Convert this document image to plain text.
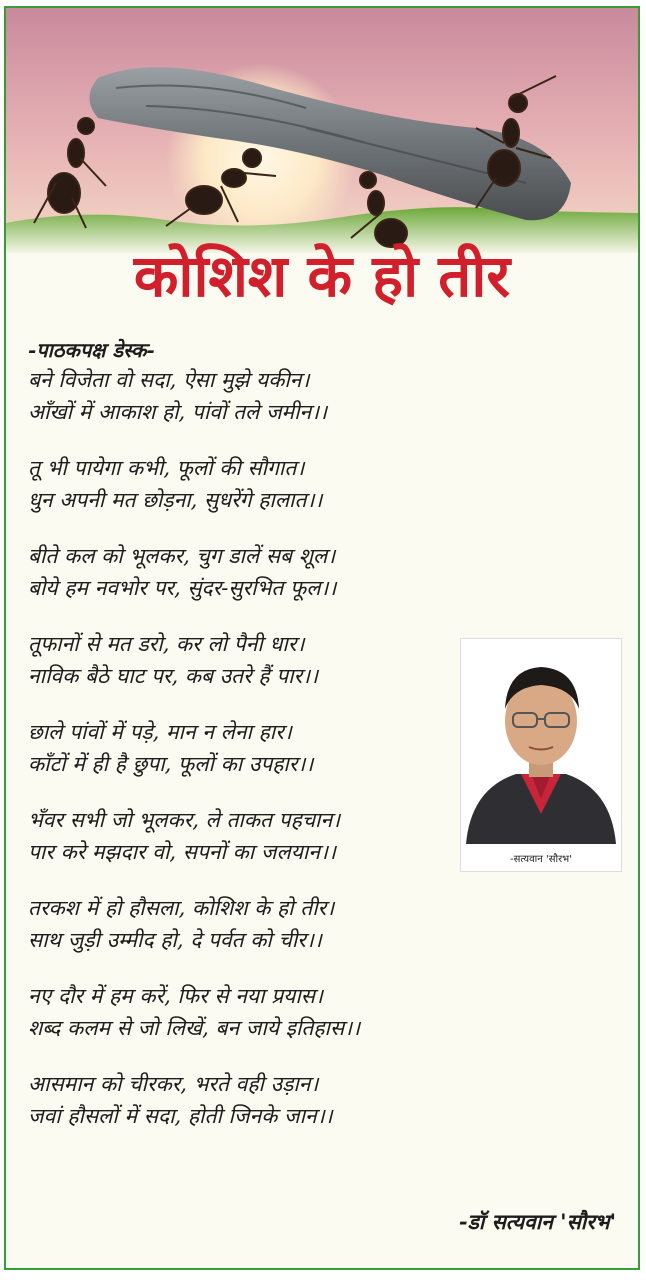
कोशिश के हो तीर
-पाठकपक्ष डेस्क-
बने विजेता वो सदा, ऐसा मुझे यकीन।
आँखों में आकाश हो, पांवों तले जमीन।।
तू भी पायेगा कभी, फूलों की सौगात।
धुन अपनी मत छोड़ना, सुधरेंगे हालात।।
बीते कल को भूलकर, चुग डालें सब शूल।
बोये हम नवभोर पर, सुंदर-सुरभित फूल।।
तूफानों से मत डरो, कर लो पैनी धार।
नाविक बैठे घाट पर, कब उतरे हैं पार।।
छाले पांवों में पड़े, मान न लेना हार।
काँटों में ही है छुपा, फूलों का उपहार।।
भँवर सभी जो भूलकर, ले ताकत पहचान।
पार करे मझदार वो, सपनों का जलयान।।
तरकश में हो हौसला, कोशिश के हो तीर।
साथ जुड़ी उम्मीद हो, दे पर्वत को चीर।।
नए दौर में हम करें, फिर से नया प्रयास।
शब्द कलम से जो लिखें, बन जाये इतिहास।।
आसमान को चीरकर, भरते वही उड़ान।
जवां हौसलों में सदा, होती जिनके जान।।
-सत्यवान 'सौरभ'
-डॉ सत्यवान 'सौरभ'
